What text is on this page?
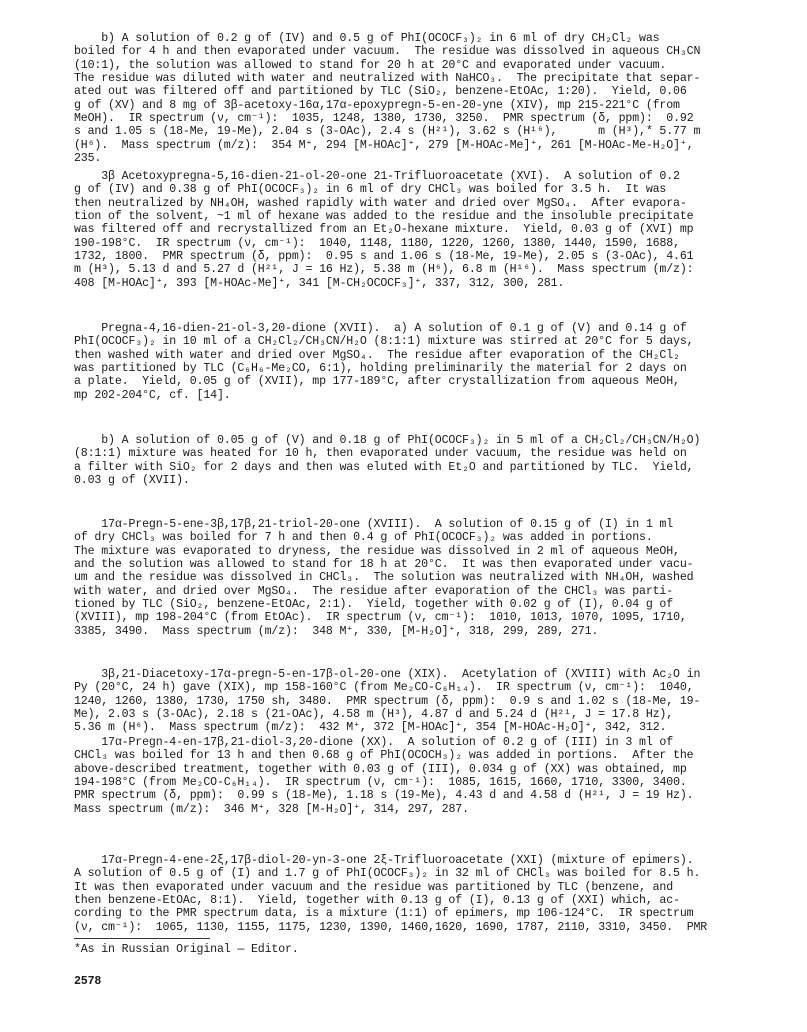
b) A solution of 0.2 g of (IV) and 0.5 g of PhI(OCOCF₃)₂ in 6 ml of dry CH₂Cl₂ was

boiled for 4 h and then evaporated under vacuum.  The residue was dissolved in aqueous CH₃CN

(10:1), the solution was allowed to stand for 20 h at 20°C and evaporated under vacuum.

The residue was diluted with water and neutralized with NaHCO₃.  The precipitate that separ-

ated out was filtered off and partitioned by TLC (SiO₂, benzene-EtOAc, 1:20).  Yield, 0.06

g of (XV) and 8 mg of 3β-acetoxy-16α,17α-epoxypregn-5-en-20-yne (XIV), mp 215-221°C (from

MeOH).  IR spectrum (ν, cm⁻¹):  1035, 1248, 1380, 1730, 3250.  PMR spectrum (δ, ppm):  0.92

s and 1.05 s (18-Me, 19-Me), 2.04 s (3-OAc), 2.4 s (H²¹), 3.62 s (H¹⁶),      m (H³),* 5.77 m

(H⁶).  Mass spectrum (m/z):  354 M⁺, 294 [M-HOAc]⁺, 279 [M-HOAc-Me]⁺, 261 [M-HOAc-Me-H₂O]⁺,

235.

3β Acetoxypregna-5,16-dien-21-ol-20-one 21-Trifluoroacetate (XVI).  A solution of 0.2

g of (IV) and 0.38 g of PhI(OCOCF₃)₂ in 6 ml of dry CHCl₃ was boiled for 3.5 h.  It was

then neutralized by NH₄OH, washed rapidly with water and dried over MgSO₄.  After evapora-

tion of the solvent, ~1 ml of hexane was added to the residue and the insoluble precipitate

was filtered off and recrystallized from an Et₂O-hexane mixture.  Yield, 0.03 g of (XVI) mp

190-198°C.  IR spectrum (ν, cm⁻¹):  1040, 1148, 1180, 1220, 1260, 1380, 1440, 1590, 1688,

1732, 1800.  PMR spectrum (δ, ppm):  0.95 s and 1.06 s (18-Me, 19-Me), 2.05 s (3-OAc), 4.61

m (H³), 5.13 d and 5.27 d (H²¹, J = 16 Hz), 5.38 m (H⁶), 6.8 m (H¹⁶).  Mass spectrum (m/z):

408 [M-HOAc]⁺, 393 [M-HOAc-Me]⁺, 341 [M-CH₂OCOCF₃]⁺, 337, 312, 300, 281.

Pregna-4,16-dien-21-ol-3,20-dione (XVII).  a) A solution of 0.1 g of (V) and 0.14 g of

PhI(OCOCF₃)₂ in 10 ml of a CH₂Cl₂/CH₃CN/H₂O (8:1:1) mixture was stirred at 20°C for 5 days,

then washed with water and dried over MgSO₄.  The residue after evaporation of the CH₂Cl₂

was partitioned by TLC (C₆H₆-Me₂CO, 6:1), holding preliminarily the material for 2 days on

a plate.  Yield, 0.05 g of (XVII), mp 177-189°C, after crystallization from aqueous MeOH,

mp 202-204°C, cf. [14].

b) A solution of 0.05 g of (V) and 0.18 g of PhI(OCOCF₃)₂ in 5 ml of a CH₂Cl₂/CH₃CN/H₂O)

(8:1:1) mixture was heated for 10 h, then evaporated under vacuum, the residue was held on

a filter with SiO₂ for 2 days and then was eluted with Et₂O and partitioned by TLC.  Yield,

0.03 g of (XVII).

17α-Pregn-5-ene-3β,17β,21-triol-20-one (XVIII).  A solution of 0.15 g of (I) in 1 ml

of dry CHCl₃ was boiled for 7 h and then 0.4 g of PhI(OCOCF₃)₂ was added in portions.

The mixture was evaporated to dryness, the residue was dissolved in 2 ml of aqueous MeOH,

and the solution was allowed to stand for 18 h at 20°C.  It was then evaporated under vacu-

um and the residue was dissolved in CHCl₃.  The solution was neutralized with NH₄OH, washed

with water, and dried over MgSO₄.  The residue after evaporation of the CHCl₃ was parti-

tioned by TLC (SiO₂, benzene-EtOAc, 2:1).  Yield, together with 0.02 g of (I), 0.04 g of

(XVIII), mp 198-204°C (from EtOAc).  IR spectrum (ν, cm⁻¹):  1010, 1013, 1070, 1095, 1710,

3385, 3490.  Mass spectrum (m/z):  348 M⁺, 330, [M-H₂O]⁺, 318, 299, 289, 271.

3β,21-Diacetoxy-17α-pregn-5-en-17β-ol-20-one (XIX).  Acetylation of (XVIII) with Ac₂O in

Py (20°C, 24 h) gave (XIX), mp 158-160°C (from Me₂CO-C₆H₁₄).  IR spectrum (ν, cm⁻¹):  1040,

1240, 1260, 1380, 1730, 1750 sh, 3480.  PMR spectrum (δ, ppm):  0.9 s and 1.02 s (18-Me, 19-

Me), 2.03 s (3-OAc), 2.18 s (21-OAc), 4.58 m (H³), 4.87 d and 5.24 d (H²¹, J = 17.8 Hz),

5.36 m (H⁶).  Mass spectrum (m/z):  432 M⁺, 372 [M-HOAc]⁺, 354 [M-HOAc-H₂O]⁺, 342, 312.

17α-Pregn-4-en-17β,21-diol-3,20-dione (XX).  A solution of 0.2 g of (III) in 3 ml of

CHCl₃ was boiled for 13 h and then 0.68 g of PhI(OCOCH₃)₂ was added in portions.  After the

above-described treatment, together with 0.03 g of (III), 0.034 g of (XX) was obtained, mp

194-198°C (from Me₂CO-C₆H₁₄).  IR spectrum (ν, cm⁻¹):  1085, 1615, 1660, 1710, 3300, 3400.

PMR spectrum (δ, ppm):  0.99 s (18-Me), 1.18 s (19-Me), 4.43 d and 4.58 d (H²¹, J = 19 Hz).

Mass spectrum (m/z):  346 M⁺, 328 [M-H₂O]⁺, 314, 297, 287.

17α-Pregn-4-ene-2ξ,17β-diol-20-yn-3-one 2ξ-Trifluoroacetate (XXI) (mixture of epimers).

A solution of 0.5 g of (I) and 1.7 g of PhI(OCOCF₃)₂ in 32 ml of CHCl₃ was boiled for 8.5 h.

It was then evaporated under vacuum and the residue was partitioned by TLC (benzene, and

then benzene-EtOAc, 8:1).  Yield, together with 0.13 g of (I), 0.13 g of (XXI) which, ac-

cording to the PMR spectrum data, is a mixture (1:1) of epimers, mp 106-124°C.  IR spectrum

(ν, cm⁻¹):  1065, 1130, 1155, 1175, 1230, 1390, 1460,1620, 1690, 1787, 2110, 3310, 3450.  PMR

*As in Russian Original — Editor.

2578
